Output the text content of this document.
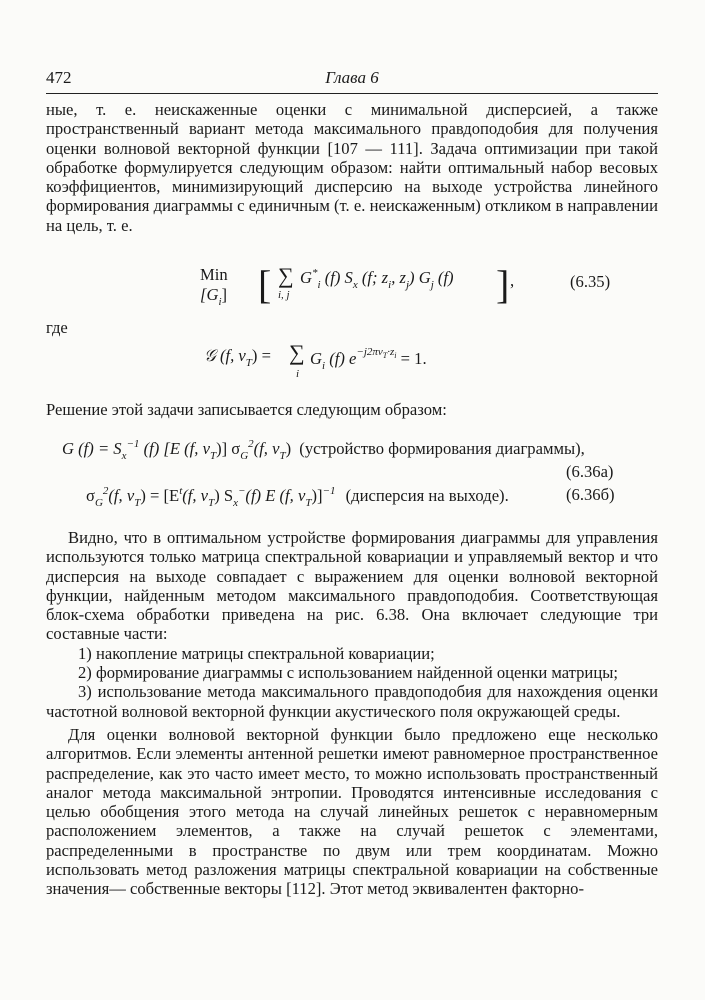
472	Глава 6

ные, т. е. неискаженные оценки с минимальной дисперсией, а также пространственный вариант метода максимального правдоподобия для получения оценки волновой векторной функции [107 — 111]. Задача оптимизации при такой обработке формулируется следующим образом: найти оптимальный набор весовых коэффициентов, минимизирующий дисперсию на выходе устройства линейного формирования диаграммы с единичным (т. е. неискаженным) откликом в направлении на цель, т. е.

Min
$[G_i]$ [ ∑
i, j
$G^*_i$ (f) $S_x$ (f; $z_i$, $z_j$) $G_j$ (f) ] ,	(6.35)
где
𝒢 (f, $\nu_T$) = ∑
i
$G_i$ (f) $e^{-j2\pi\nu_T\cdot z_i} = 1$.
Решение этой задачи записывается следующим образом:
G $(f) = S_x^{-1}$ (f) [E (f, $\nu_T$)] $\sigma_G^2(f$, $\nu_T$) (устройство формирования диаграммы),
(6.36a)
$\sigma_G^2(f$, $\nu_T) = [E^t(f$, $\nu_T$) $S_x^-(f)$ E (f, $\nu_T)]^{-1}$ (дисперсия на выходе).	(6.36б)

Видно, что в оптимальном устройстве формирования диаграммы для управления используются только матрица спектральной ковариации и управляемый вектор и что дисперсия на выходе совпадает с выражением для оценки волновой векторной функции, найденным методом максимального правдоподобия. Соответствующая блок-схема обработки приведена на рис. 6.38. Она включает следующие три составные части:

1) накопление матрицы спектральной ковариации;

2) формирование диаграммы с использованием найденной оценки матрицы;

3) использование метода максимального правдоподобия для нахождения оценки частотной волновой векторной функции акустического поля окружающей среды.

Для оценки волновой векторной функции было предложено еще несколько алгоритмов. Если элементы антенной решетки имеют равномерное пространственное распределение, как это часто имеет место, то можно использовать пространственный аналог метода максимальной энтропии. Проводятся интенсивные исследования с целью обобщения этого метода на случай линейных решеток с неравномерным расположением элементов, а также на случай решеток с элементами, распределенными в пространстве по двум или трем координатам. Можно использовать метод разложения матрицы спектральной ковариации на собственные значения— собственные векторы [112]. Этот метод эквивалентен факторно-
